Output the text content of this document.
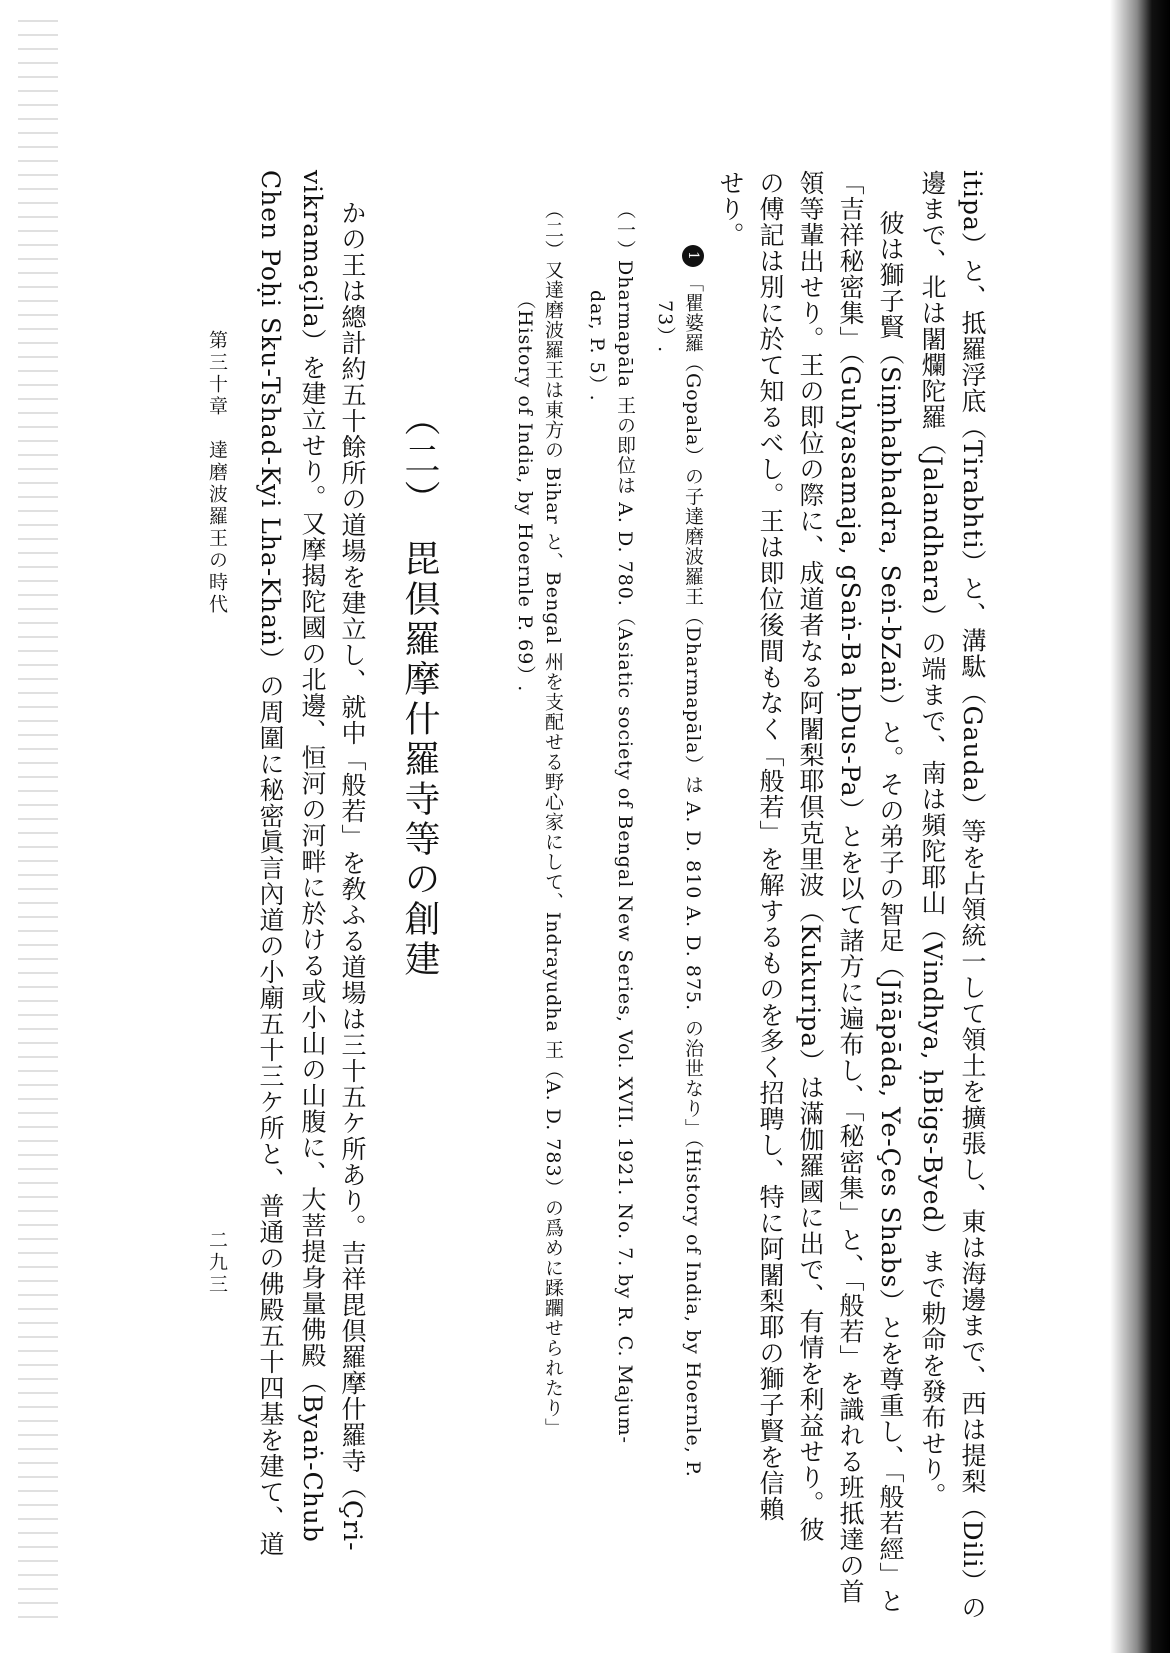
itipa）と、抵羅浮底（Tirabhti）と、溝駄（Gauda）等を占領統一して領土を擴張し、東は海邊まで、西は提梨（Dili）の
邊まで、北は闍爛陀羅（Jalandhara）の端まで、南は頻陀耶山（Vindhya, ḥBigs-Byed）まで勅命を發布せり。
彼は獅子賢（Siṃhabhadra, Seṅ-bZaṅ）と。その弟子の智足（Jñāpāda, Ye-Çes Shabs）とを尊重し、「般若經」と
「吉祥秘密集」（Guhyasamaja, gSaṅ-Ba ḥDus-Pa）とを以て諸方に遍布し、「秘密集」と、「般若」を識れる班抵達の首
領等輩出せり。王の即位の際に、成道者なる阿闍梨耶倶克里波（Kukuripa）は滿伽羅國に出で、有情を利益せり。彼
の傅記は別に於て知るべし。王は即位後間もなく「般若」を解するものを多く招聘し、特に阿闍梨耶の獅子賢を信賴
せり。
1「瞿婆羅（Gopala）の子達磨波羅王（Dharmapāla）は A. D. 810 A. D. 875. の治世なり」（History of India, by Hoernle, P.
73）.
（一）Dharmapāla 王の即位は A. D. 780.（Asiatic society of Bengal New Series, Vol. XVII. 1921. No. 7. by R. C. Majum-
dar, P. 5）.
（二）又達磨波羅王は東方の Bihar と、Bengal 州を支配せる野心家にして、Indrayudha 王（A. D. 783）の爲めに蹂躙せられたり」
（History of India, by Hoernle P. 69）.
（二）毘倶羅摩什羅寺等の創建
かの王は總計約五十餘所の道場を建立し、就中「般若」を敎ふる道場は三十五ケ所あり。吉祥毘倶羅摩什羅寺（Çri-
vikramaçila）を建立せり。又摩揭陀國の北邊、恒河の河畔に於ける或小山の山腹に、大菩提身量佛殿（Byaṅ-Chub
Chen Poḥi Sku-Tshad-Kyi Lha-Khaṅ）の周圍に秘密眞言內道の小廟五十三ケ所と、普通の佛殿五十四基を建て、道
第三十章　達磨波羅王の時代
二九三
